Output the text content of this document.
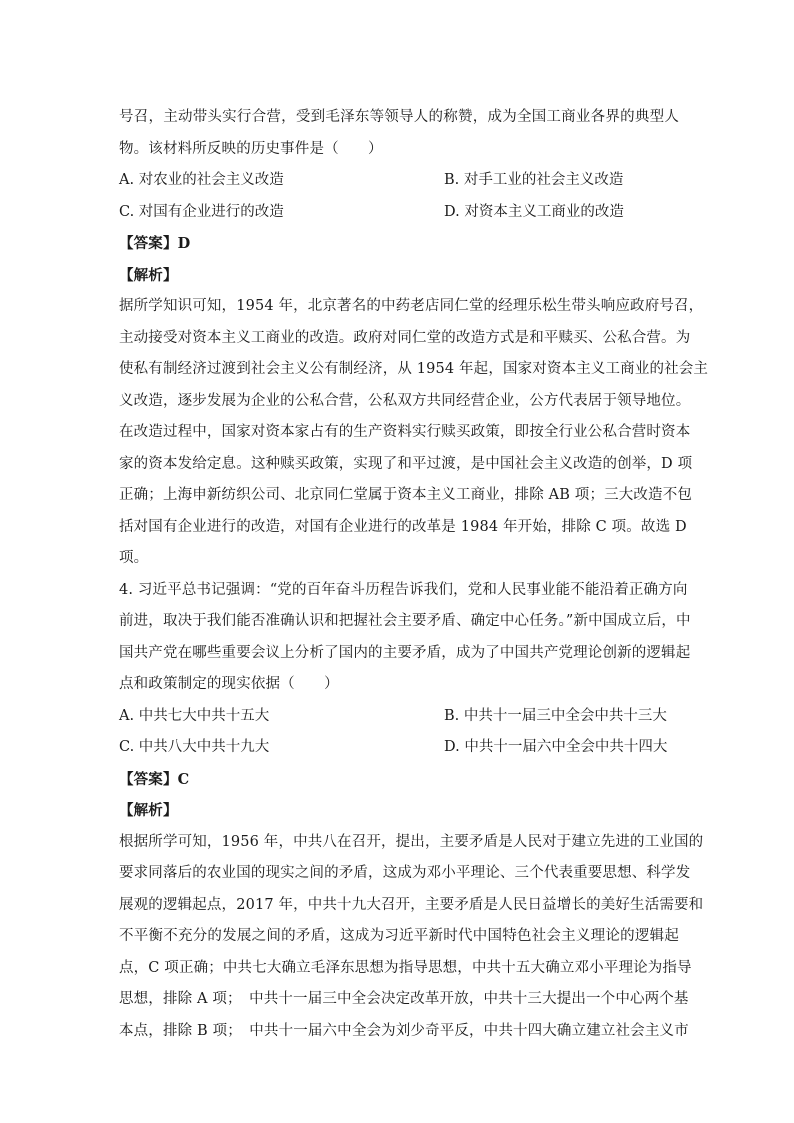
号召，主动带头实行合营，受到毛泽东等领导人的称赞，成为全国工商业各界的典型人
物。该材料所反映的历史事件是（　　）
A. 对农业的社会主义改造	B. 对手工业的社会主义改造
C. 对国有企业进行的改造	D. 对资本主义工商业的改造
【答案】D
【解析】
据所学知识可知，1954 年，北京著名的中药老店同仁堂的经理乐松生带头响应政府号召，
主动接受对资本主义工商业的改造。政府对同仁堂的改造方式是和平赎买、公私合营。为
使私有制经济过渡到社会主义公有制经济，从 1954 年起，国家对资本主义工商业的社会主
义改造，逐步发展为企业的公私合营，公私双方共同经营企业，公方代表居于领导地位。
在改造过程中，国家对资本家占有的生产资料实行赎买政策，即按全行业公私合营时资本
家的资本发给定息。这种赎买政策，实现了和平过渡，是中国社会主义改造的创举，D 项
正确；上海申新纺织公司、北京同仁堂属于资本主义工商业，排除 AB 项；三大改造不包
括对国有企业进行的改造，对国有企业进行的改革是 1984 年开始，排除 C 项。故选 D
项。
4. 习近平总书记强调：“党的百年奋斗历程告诉我们，党和人民事业能不能沿着正确方向
前进，取决于我们能否准确认识和把握社会主要矛盾、确定中心任务。”新中国成立后，中
国共产党在哪些重要会议上分析了国内的主要矛盾，成为了中国共产党理论创新的逻辑起
点和政策制定的现实依据（　　）
A. 中共七大中共十五大	B. 中共十一届三中全会中共十三大
C. 中共八大中共十九大	D. 中共十一届六中全会中共十四大
【答案】C
【解析】
根据所学可知，1956 年，中共八在召开，提出，主要矛盾是人民对于建立先进的工业国的
要求同落后的农业国的现实之间的矛盾，这成为邓小平理论、三个代表重要思想、科学发
展观的逻辑起点，2017 年，中共十九大召开，主要矛盾是人民日益增长的美好生活需要和
不平衡不充分的发展之间的矛盾，这成为习近平新时代中国特色社会主义理论的逻辑起
点，C 项正确；中共七大确立毛泽东思想为指导思想，中共十五大确立邓小平理论为指导
思想，排除 A 项；　中共十一届三中全会决定改革开放，中共十三大提出一个中心两个基
本点，排除 B 项；　中共十一届六中全会为刘少奇平反，中共十四大确立建立社会主义市
